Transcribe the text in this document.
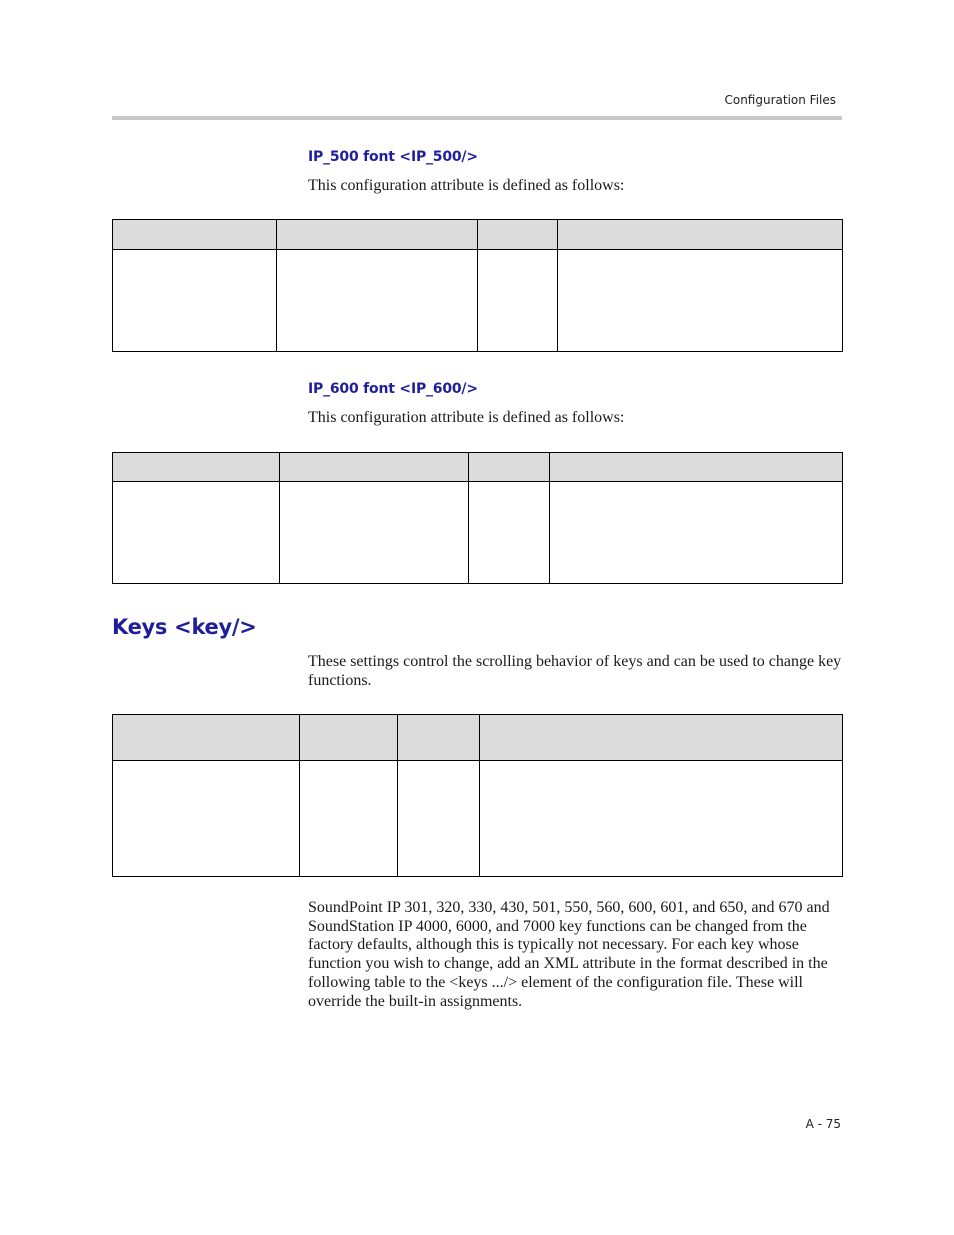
Configuration Files
IP_500 font <IP_500/>
This configuration attribute is defined as follows:

IP_600 font <IP_600/>
This configuration attribute is defined as follows:

Keys <key/>
These settings control the scrolling behavior of keys and can be used to change key functions.

SoundPoint IP 301, 320, 330, 430, 501, 550, 560, 600, 601, and 650, and 670 and SoundStation IP 4000, 6000, and 7000 key functions can be changed from the factory defaults, although this is typically not necessary. For each key whose function you wish to change, add an XML attribute in the format described in the following table to the <keys .../> element of the configuration file. These will override the built-in assignments.
A - 75
